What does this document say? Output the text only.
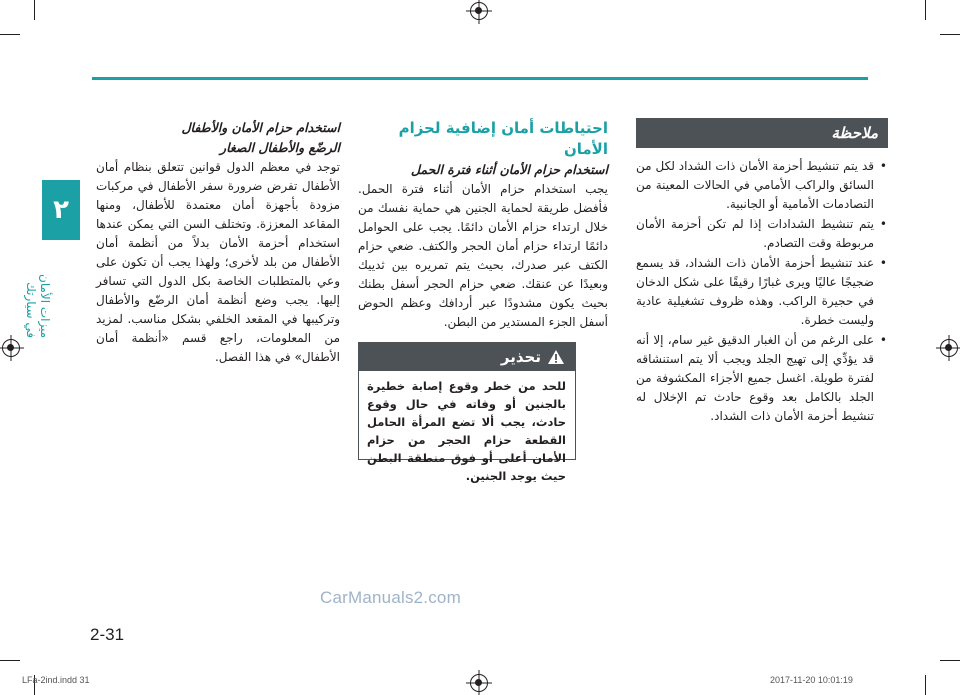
٢
ميزات الأمان في سيارتك
ملاحظة
• قد يتم تنشيط أحزمة الأمان ذات الشداد لكل من السائق والراكب الأمامي في الحالات المعينة من التصادمات الأمامية أو الجانبية.
• يتم تنشيط الشدادات إذا لم تكن أحزمة الأمان مربوطة وقت التصادم.
• عند تنشيط أحزمة الأمان ذات الشداد، قد يسمع ضجيجًا عاليًا ويرى غبارًا رقيقًا على شكل الدخان في حجيرة الراكب. وهذه ظروف تشغيلية عادية وليست خطرة.
• على الرغم من أن الغبار الدقيق غير سام، إلا أنه قد يؤدِّي إلى تهيج الجلد ويجب ألا يتم استنشاقه لفترة طويلة. اغسل جميع الأجزاء المكشوفة من الجلد بالكامل بعد وقوع حادث تم الإخلال له تنشيط أحزمة الأمان ذات الشداد.
احتياطات أمان إضافية لحزام الأمان
استخدام حزام الأمان أثناء فترة الحمل

يجب استخدام حزام الأمان أثناء فترة الحمل. فأفضل طريقة لحماية الجنين هي حماية نفسك من خلال ارتداء حزام الأمان دائمًا. يجب على الحوامل دائمًا ارتداء حزام أمان الحجر والكتف. ضعي حزام الكتف عبر صدرك، بحيث يتم تمريره بين ثدييك وبعيدًا عن عنقك. ضعي حزام الحجر أسفل بطنك بحيث يكون مشدودًا عبر أردافك وعظم الحوض أسفل الجزء المستدير من البطن.

تحذير

للحد من خطر وقوع إصابة خطيرة بالجنين أو وفاته في حال وقوع حادث، يجب ألا تضع المرأة الحامل القطعة حزام الحجر من حزام الأمان أعلى أو فوق منطقة البطن حيث يوجد الجنين.

استخدام حزام الأمان والأطفال
الرضّع والأطفال الصغار

توجد في معظم الدول قوانين تتعلق بنظام أمان الأطفال تفرض ضرورة سفر الأطفال في مركبات مزودة بأجهزة أمان معتمدة للأطفال، ومنها المقاعد المعززة. وتختلف السن التي يمكن عندها استخدام أحزمة الأمان بدلاً من أنظمة أمان الأطفال من بلد لأخرى؛ ولهذا يجب أن تكون على وعي بالمتطلبات الخاصة بكل الدول التي تسافر إليها. يجب وضع أنظمة أمان الرضّع والأطفال وتركيبها في المقعد الخلفي بشكل مناسب. لمزيد من المعلومات، راجع قسم «أنظمة أمان الأطفال» في هذا الفصل.

CarManuals2.com
2-31
LFa-2ind.indd 31	2017-11-20 10:01:19
